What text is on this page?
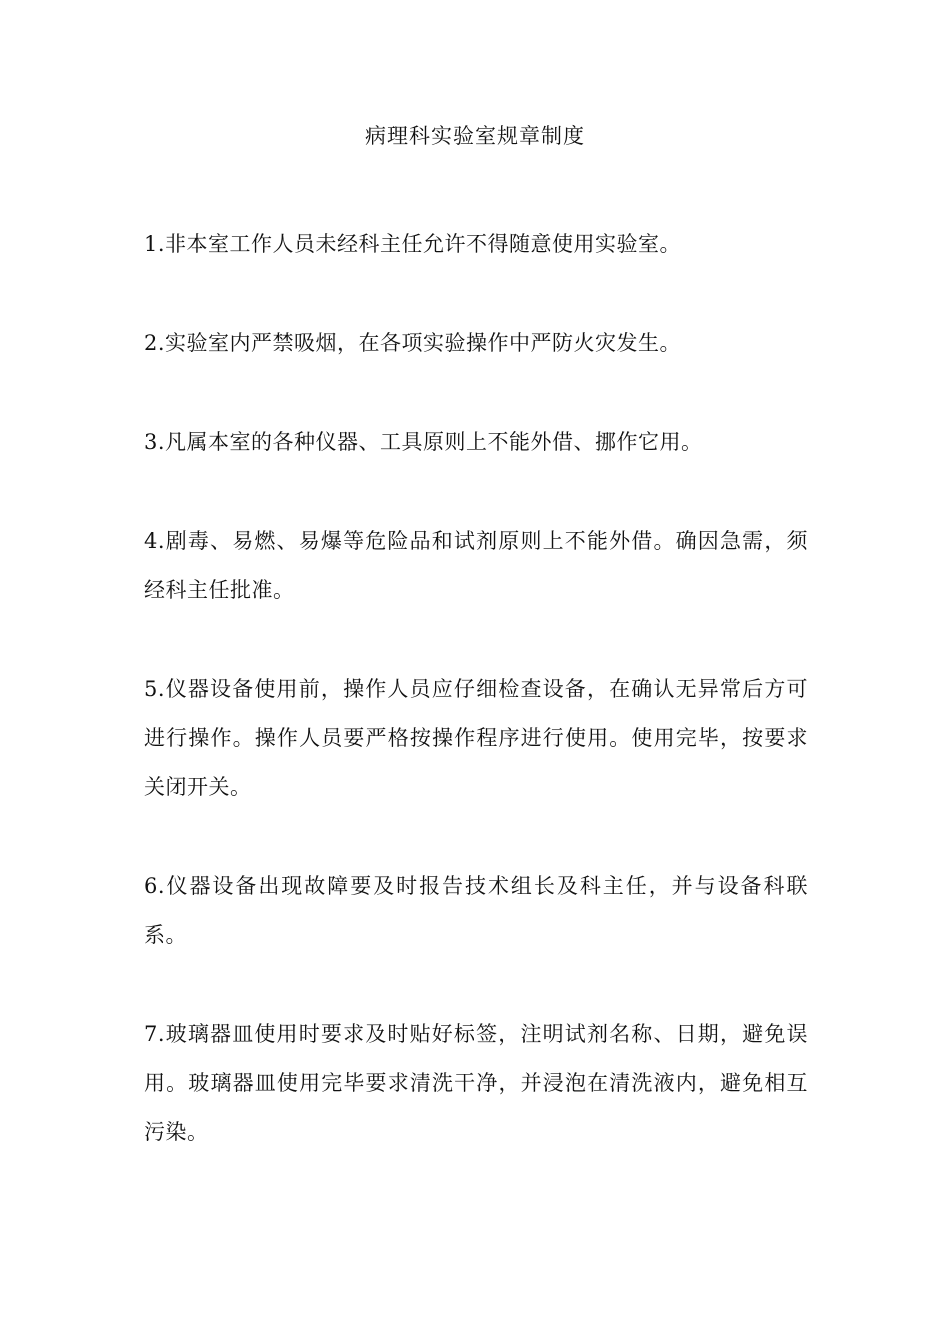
病理科实验室规章制度
1.非本室工作人员未经科主任允许不得随意使用实验室。
2.实验室内严禁吸烟，在各项实验操作中严防火灾发生。
3.凡属本室的各种仪器、工具原则上不能外借、挪作它用。
4.剧毒、易燃、易爆等危险品和试剂原则上不能外借。确因急需，须经科主任批准。
5.仪器设备使用前，操作人员应仔细检查设备，在确认无异常后方可进行操作。操作人员要严格按操作程序进行使用。使用完毕，按要求关闭开关。
6.仪器设备出现故障要及时报告技术组长及科主任，并与设备科联系。
7.玻璃器皿使用时要求及时贴好标签，注明试剂名称、日期，避免误用。玻璃器皿使用完毕要求清洗干净，并浸泡在清洗液内，避免相互污染。
